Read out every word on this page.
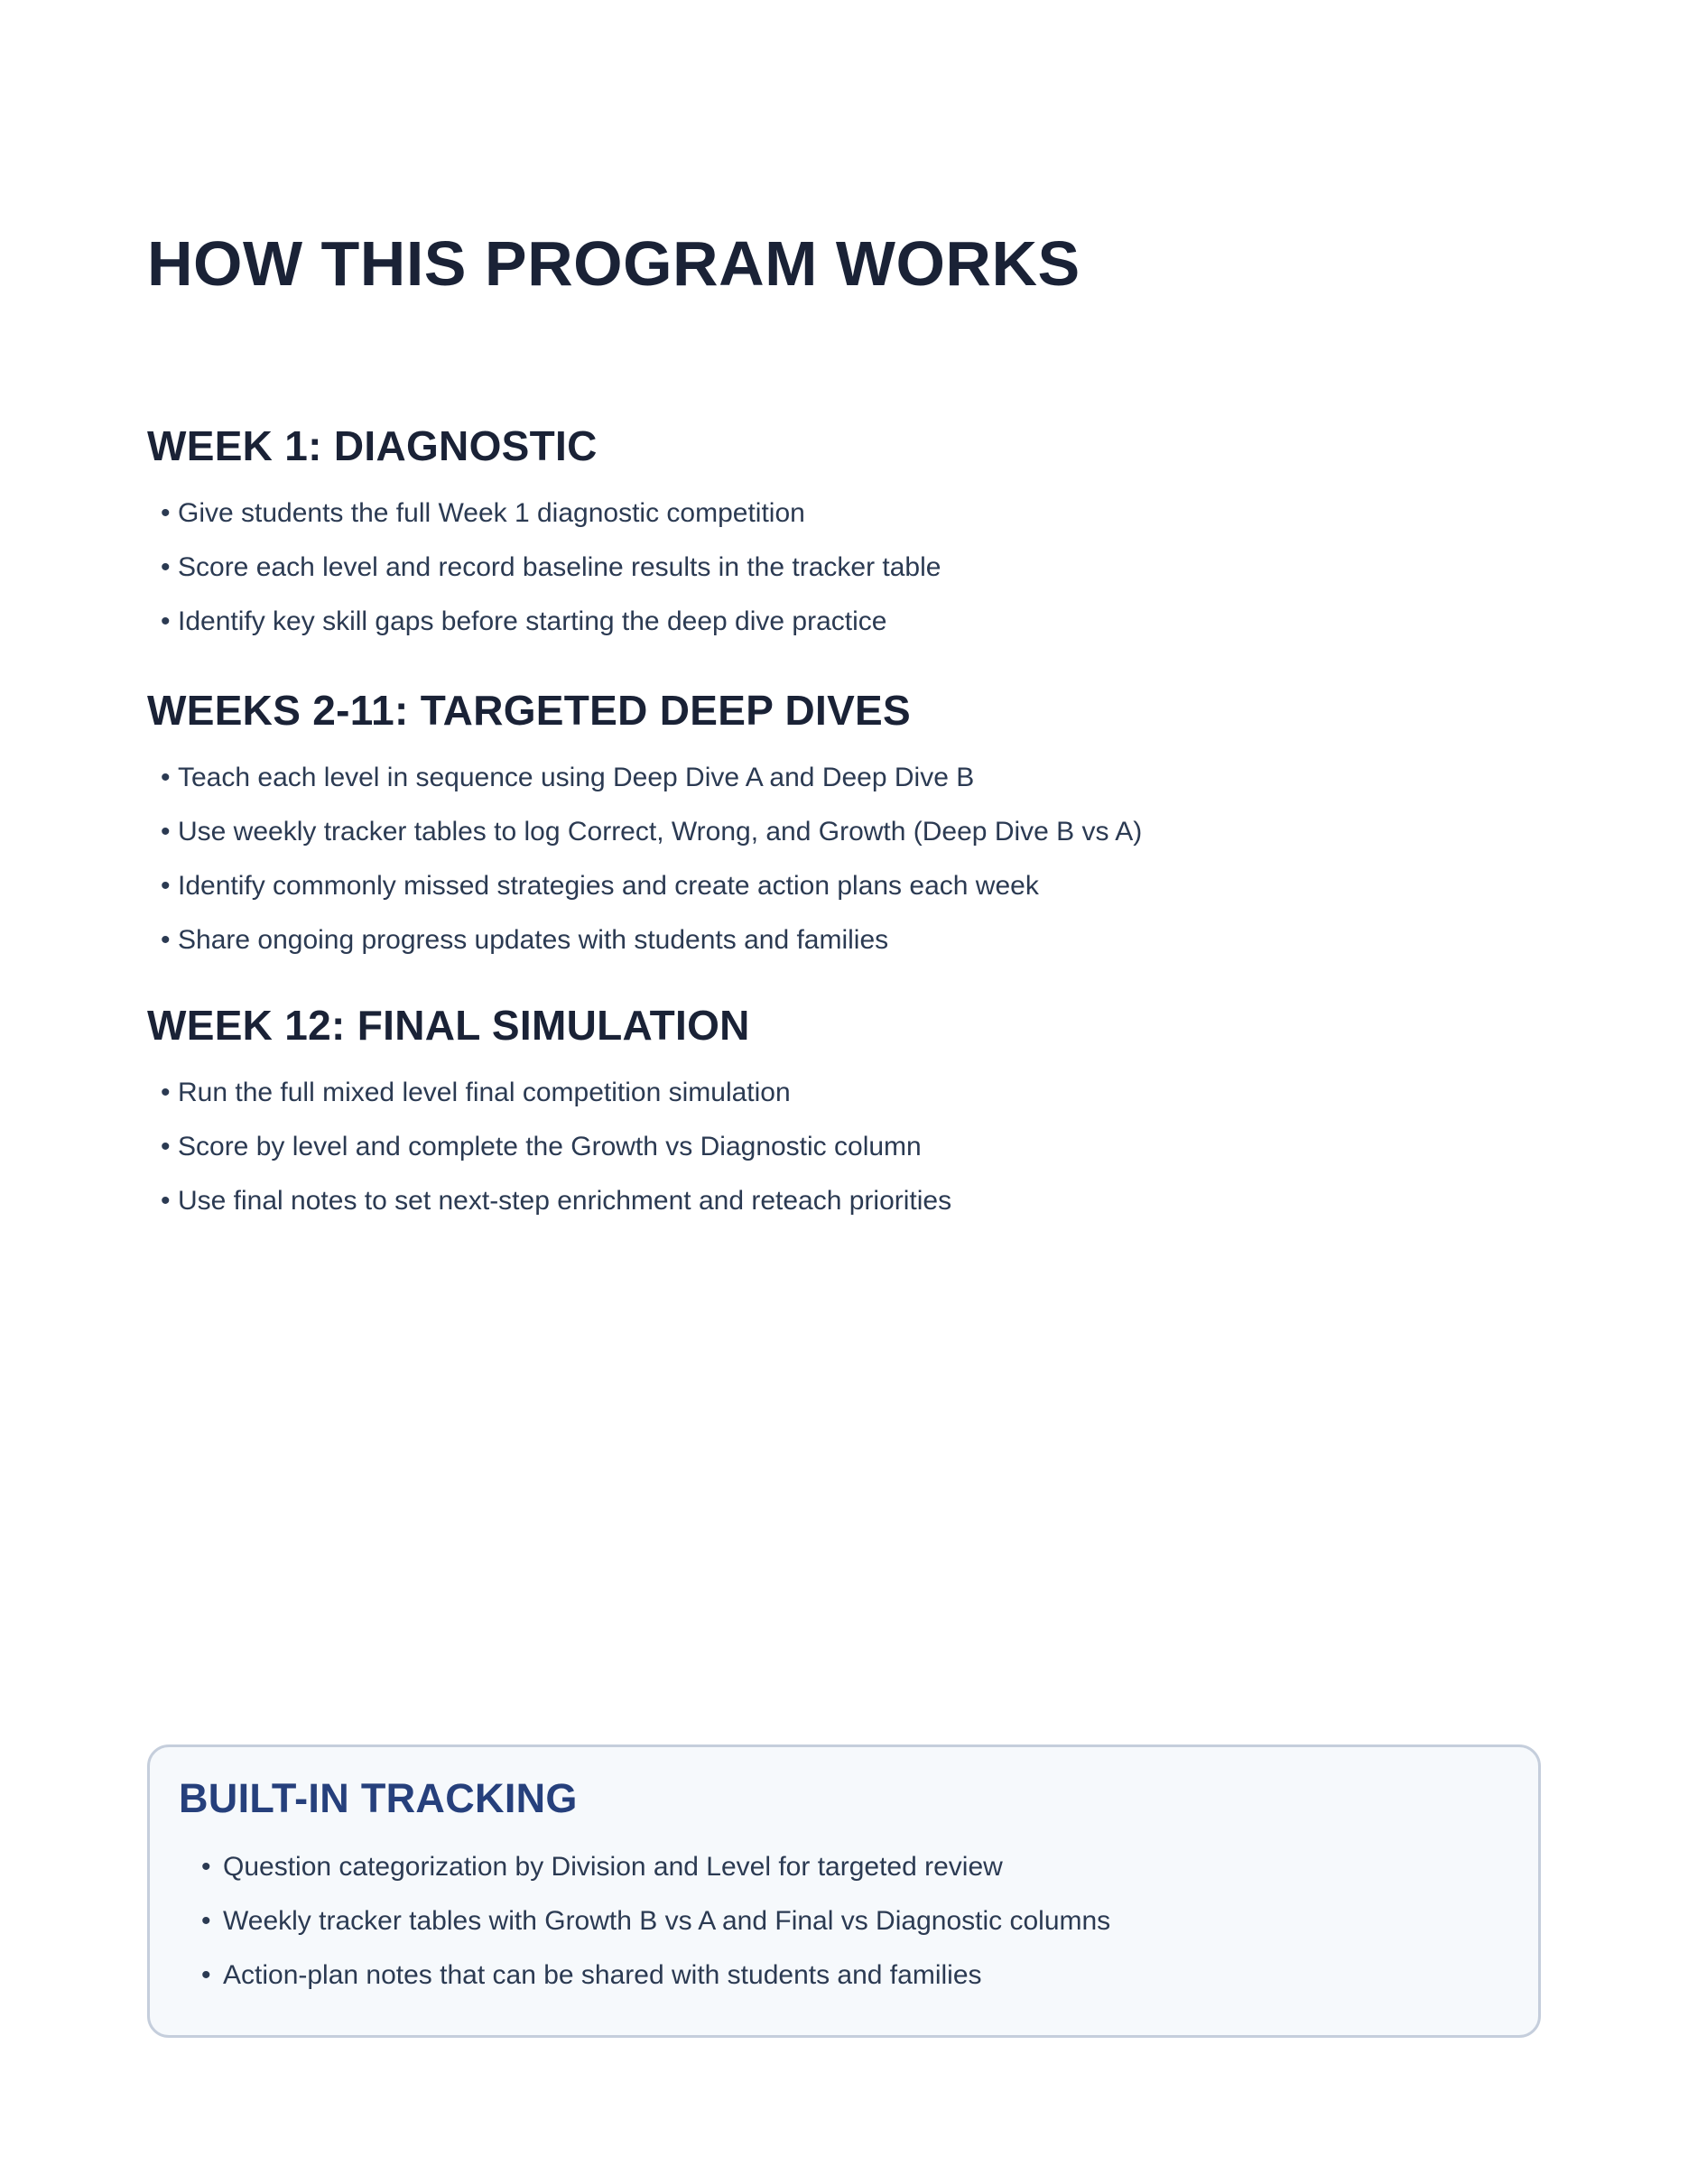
HOW THIS PROGRAM WORKS
WEEK 1: DIAGNOSTIC
• Give students the full Week 1 diagnostic competition
• Score each level and record baseline results in the tracker table
• Identify key skill gaps before starting the deep dive practice
WEEKS 2-11: TARGETED DEEP DIVES
• Teach each level in sequence using Deep Dive A and Deep Dive B
• Use weekly tracker tables to log Correct, Wrong, and Growth (Deep Dive B vs A)
• Identify commonly missed strategies and create action plans each week
• Share ongoing progress updates with students and families
WEEK 12: FINAL SIMULATION
• Run the full mixed level final competition simulation
• Score by level and complete the Growth vs Diagnostic column
• Use final notes to set next-step enrichment and reteach priorities
BUILT-IN TRACKING
• Question categorization by Division and Level for targeted review
• Weekly tracker tables with Growth B vs A and Final vs Diagnostic columns
• Action-plan notes that can be shared with students and families
